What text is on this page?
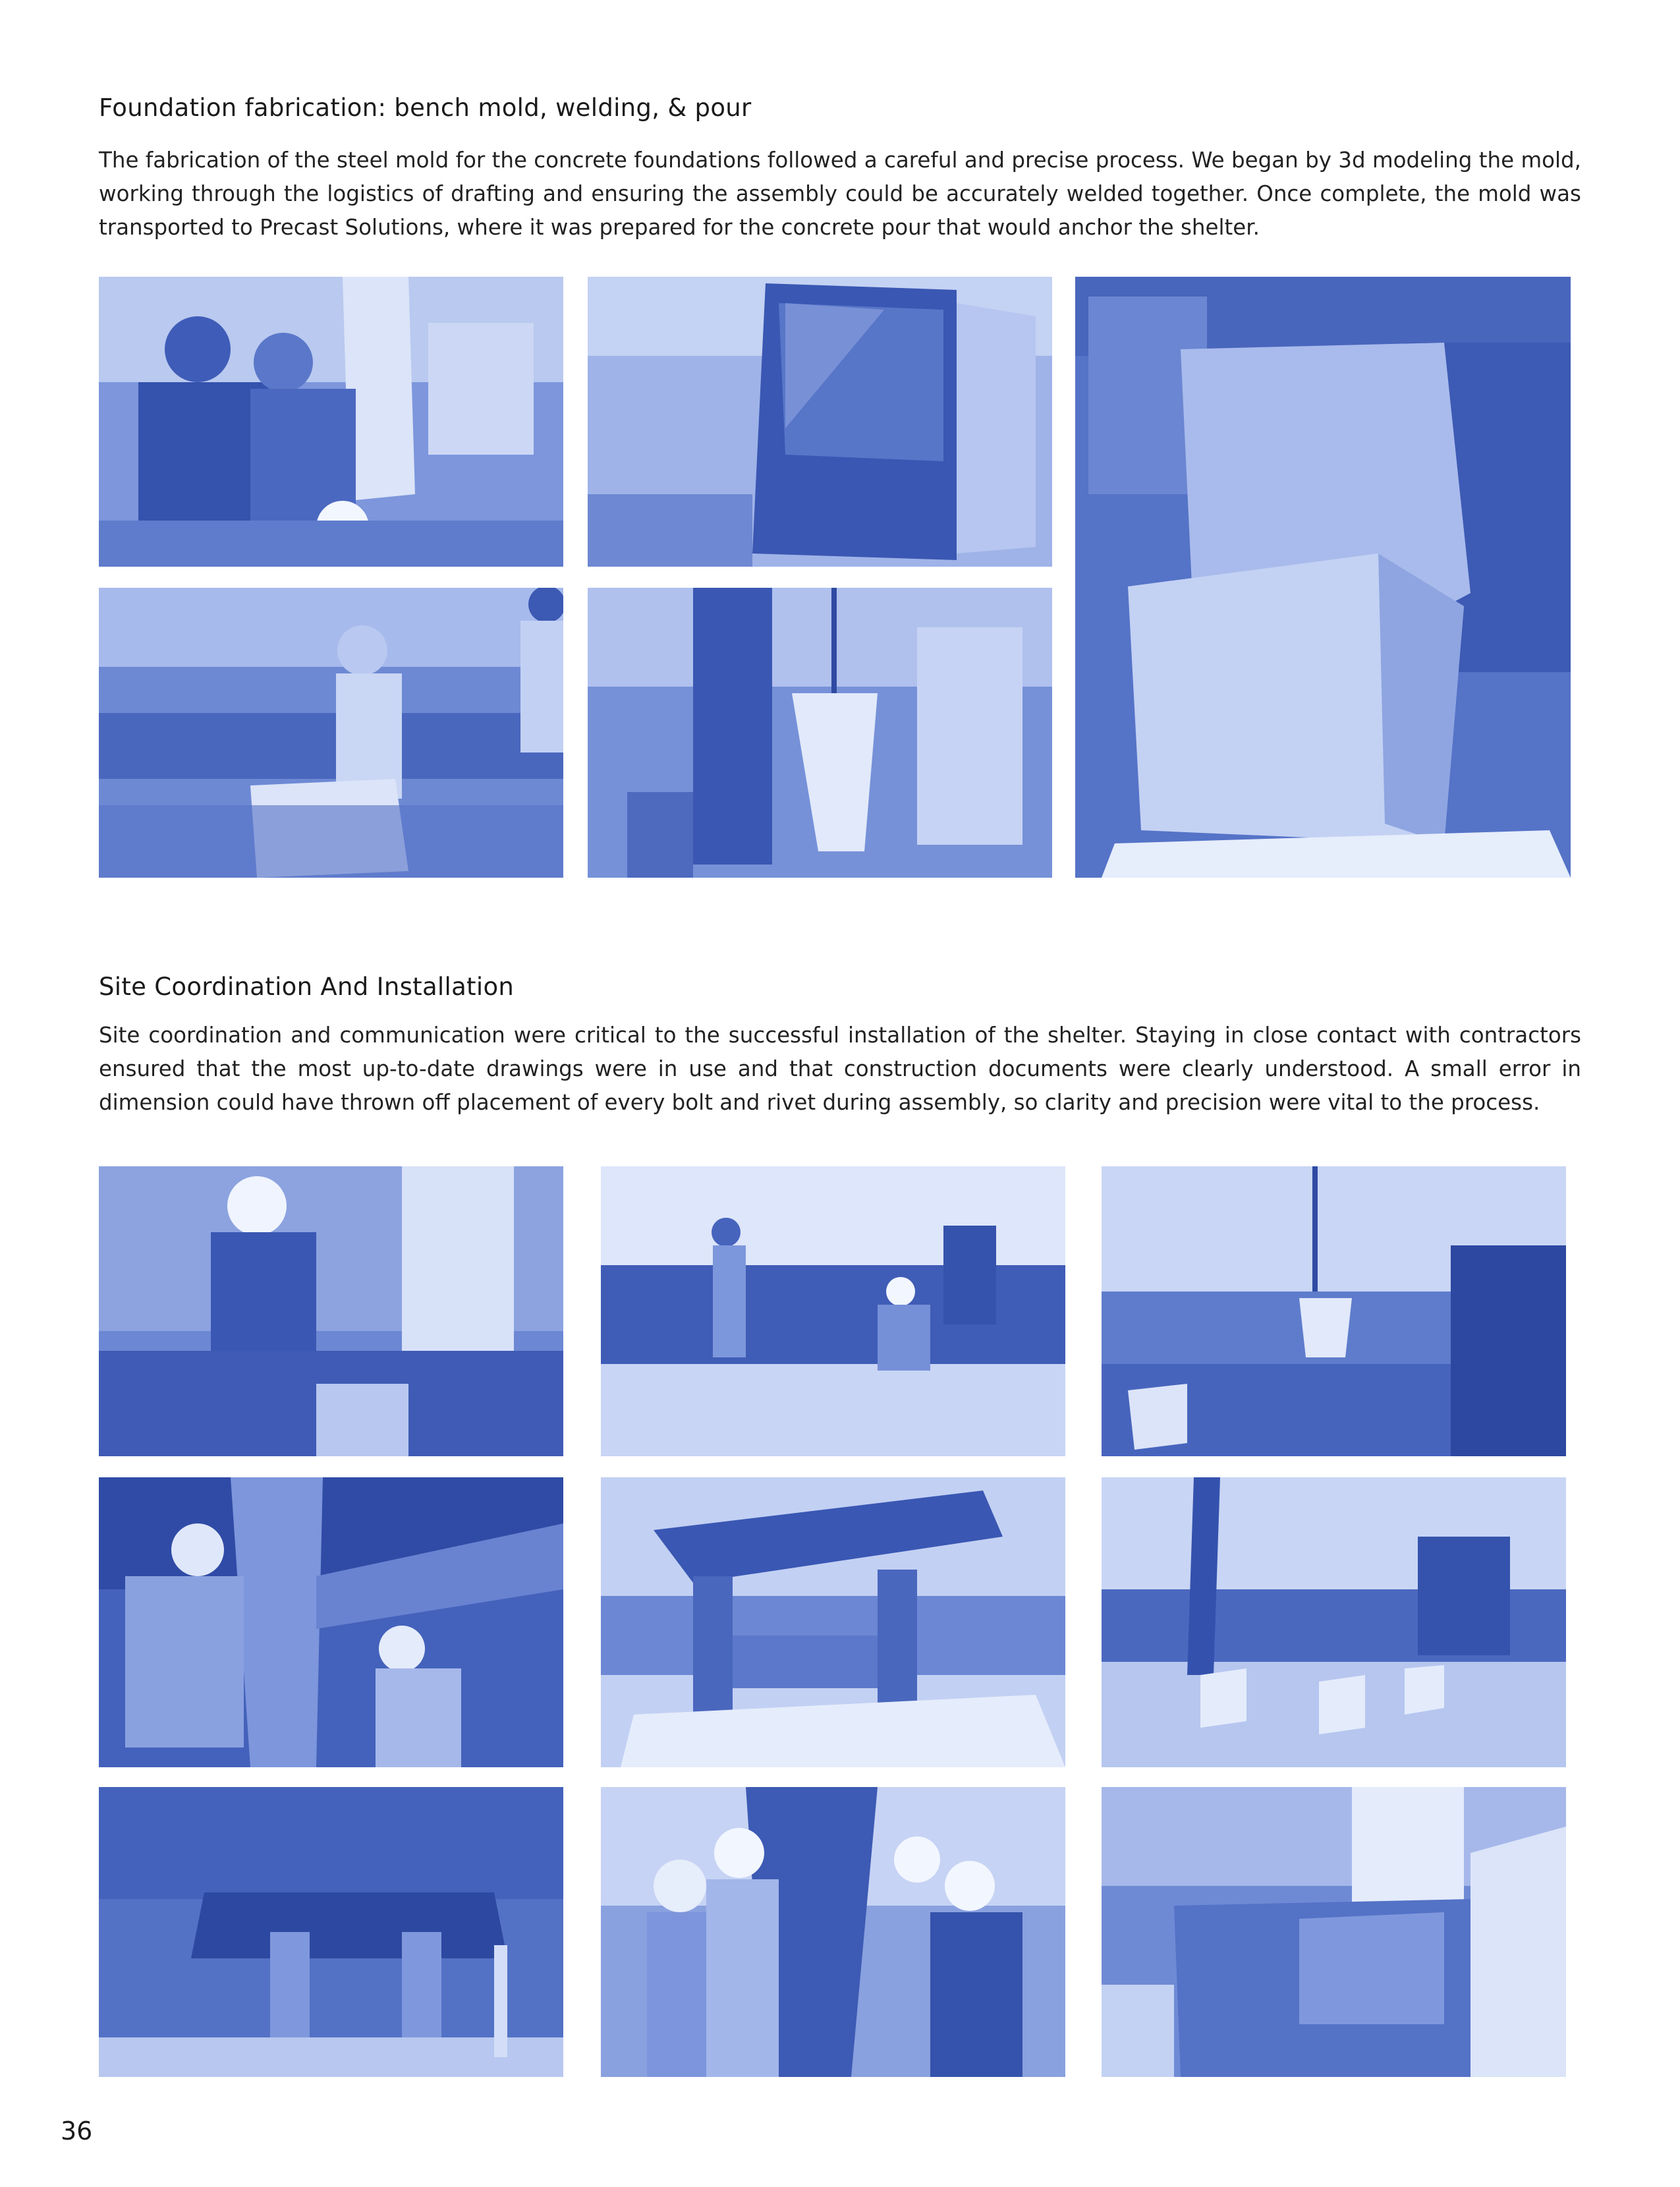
Foundation fabrication: bench mold, welding, & pour

The fabrication of the steel mold for the concrete foundations followed a careful and precise process. We began by 3d modeling the mold, working through the logistics of drafting and ensuring the assembly could be accurately welded together. Once complete, the mold was transported to Precast Solutions, where it was prepared for the concrete pour that would anchor the shelter.

Site Coordination And Installation

Site coordination and communication were critical to the successful installation of the shelter. Staying in close contact with contractors ensured that the most up-to-date drawings were in use and that construction documents were clearly understood. A small error in dimension could have thrown off placement of every bolt and rivet during assembly, so clarity and precision were vital to the process.

36
